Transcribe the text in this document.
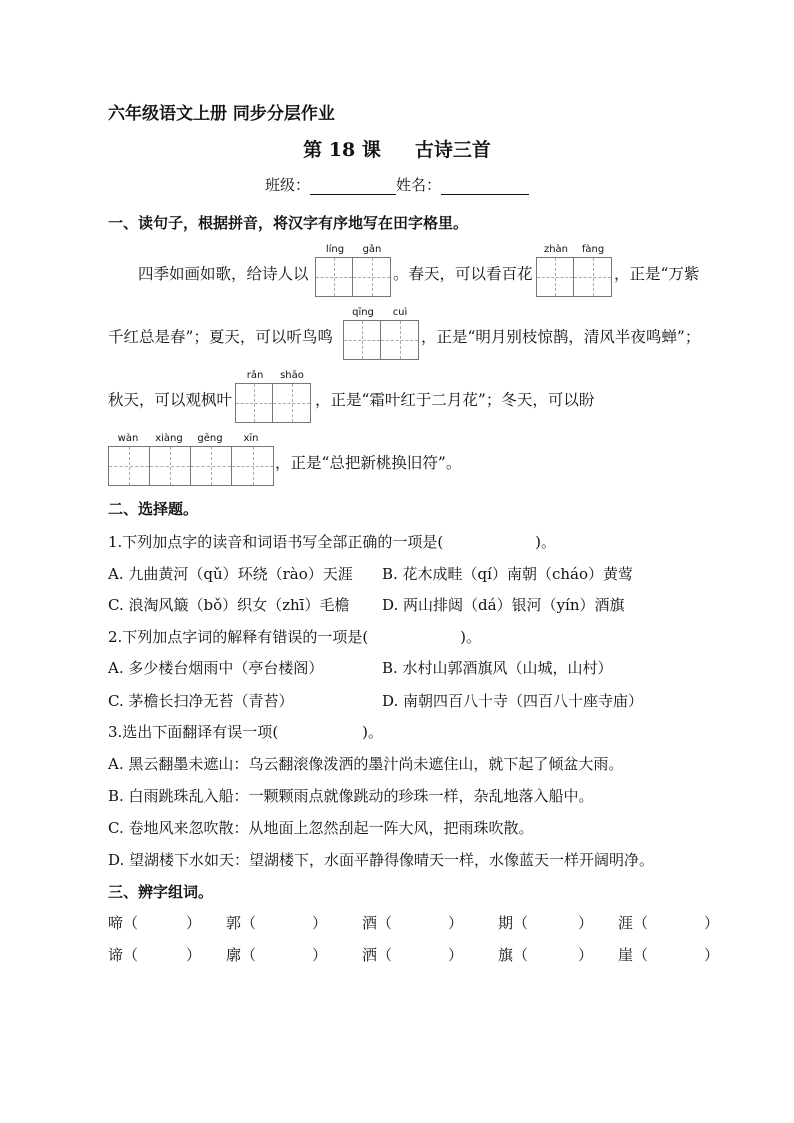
六年级语文上册 同步分层作业
第 18 课 古诗三首
班级：	姓名：
一、读句子，根据拼音，将汉字有序地写在田字格里。
líng	gǎn	zhàn	fàng
四季如画如歌，给诗人以	。春天，可以看百花	，正是“万紫
qīng	cuì
千红总是春”；夏天，可以听鸟鸣	，正是“明月别枝惊鹊，清风半夜鸣蝉”；
rǎn	shāo
秋天，可以观枫叶	，正是“霜叶红于二月花”；冬天，可以盼
wàn	xiàng	gēng	xīn
，正是“总把新桃换旧符”。
二、选择题。
1.下列加点字的读音和词语书写全部正确的一项是(	)。
A. 九曲黄河（qǔ）环绕（rào）天涯 B. 花木成畦（qí）南朝（cháo）黄莺
C. 浪淘风簸（bǒ）织女（zhī）毛檐 D. 两山排闼（dá）银河（yín）酒旗
2.下列加点字词的解释有错误的一项是(	)。
A. 多少楼台烟雨中（亭台楼阁）	B. 水村山郭酒旗风（山城，山村）
C. 茅檐长扫净无苔（青苔）	D. 南朝四百八十寺（四百八十座寺庙）
3.选出下面翻译有误一项(	)。
A. 黑云翻墨未遮山：乌云翻滚像泼洒的墨汁尚未遮住山，就下起了倾盆大雨。
B. 白雨跳珠乱入船：一颗颗雨点就像跳动的珍珠一样，杂乱地落入船中。
C. 卷地风来忽吹散：从地面上忽然刮起一阵大风，把雨珠吹散。
D. 望湖楼下水如天：望湖楼下，水面平静得像晴天一样，水像蓝天一样开阔明净。
三、辨字组词。
啼（	） 郭（	） 酒（	） 期（	） 涯（	）
谛（	） 廓（	） 洒（	） 旗（	） 崖（	）
